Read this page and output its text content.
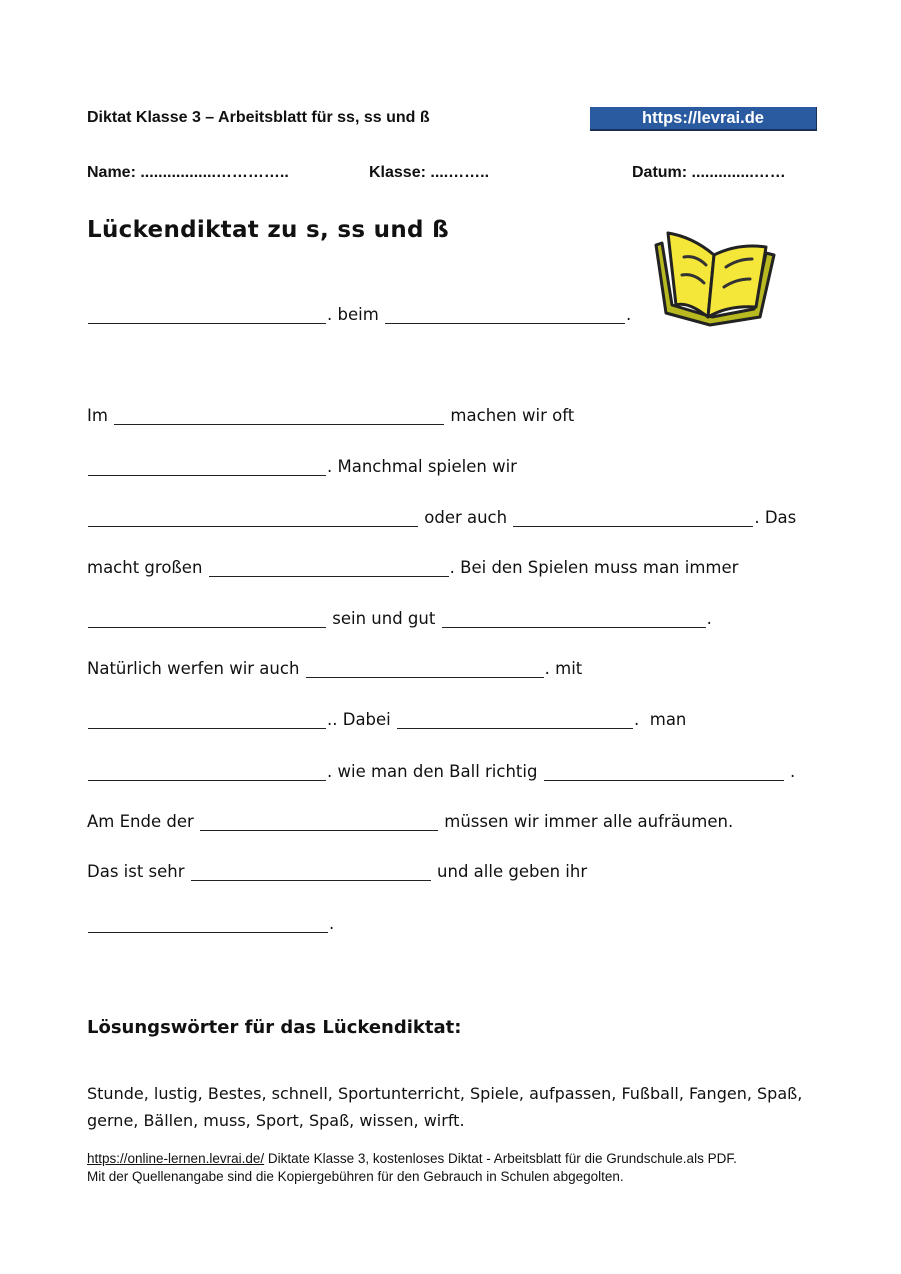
Diktat Klasse 3 – Arbeitsblatt für ss, ss und ß	https://levrai.de
Name: .................…………..	Klasse: ....……..	Datum: ..............……
Lückendiktat zu s, ss und ß
. beim	.
Im	machen wir oft
. Manchmal spielen wir
oder auch	. Das
macht großen	. Bei den Spielen muss man immer
sein und gut	.
Natürlich werfen wir auch	. mit
.. Dabei	.  man
. wie man den Ball richtig	.
Am Ende der	müssen wir immer alle aufräumen.
Das ist sehr	und alle geben ihr
.
Lösungswörter für das Lückendiktat:
Stunde, lustig, Bestes, schnell, Sportunterricht, Spiele, aufpassen, Fußball, Fangen, Spaß, gerne, Bällen, muss, Sport, Spaß, wissen, wirft.
https://online-lernen.levrai.de/ Diktate Klasse 3, kostenloses Diktat - Arbeitsblatt für die Grundschule.als PDF.
Mit der Quellenangabe sind die Kopiergebühren für den Gebrauch in Schulen abgegolten.
